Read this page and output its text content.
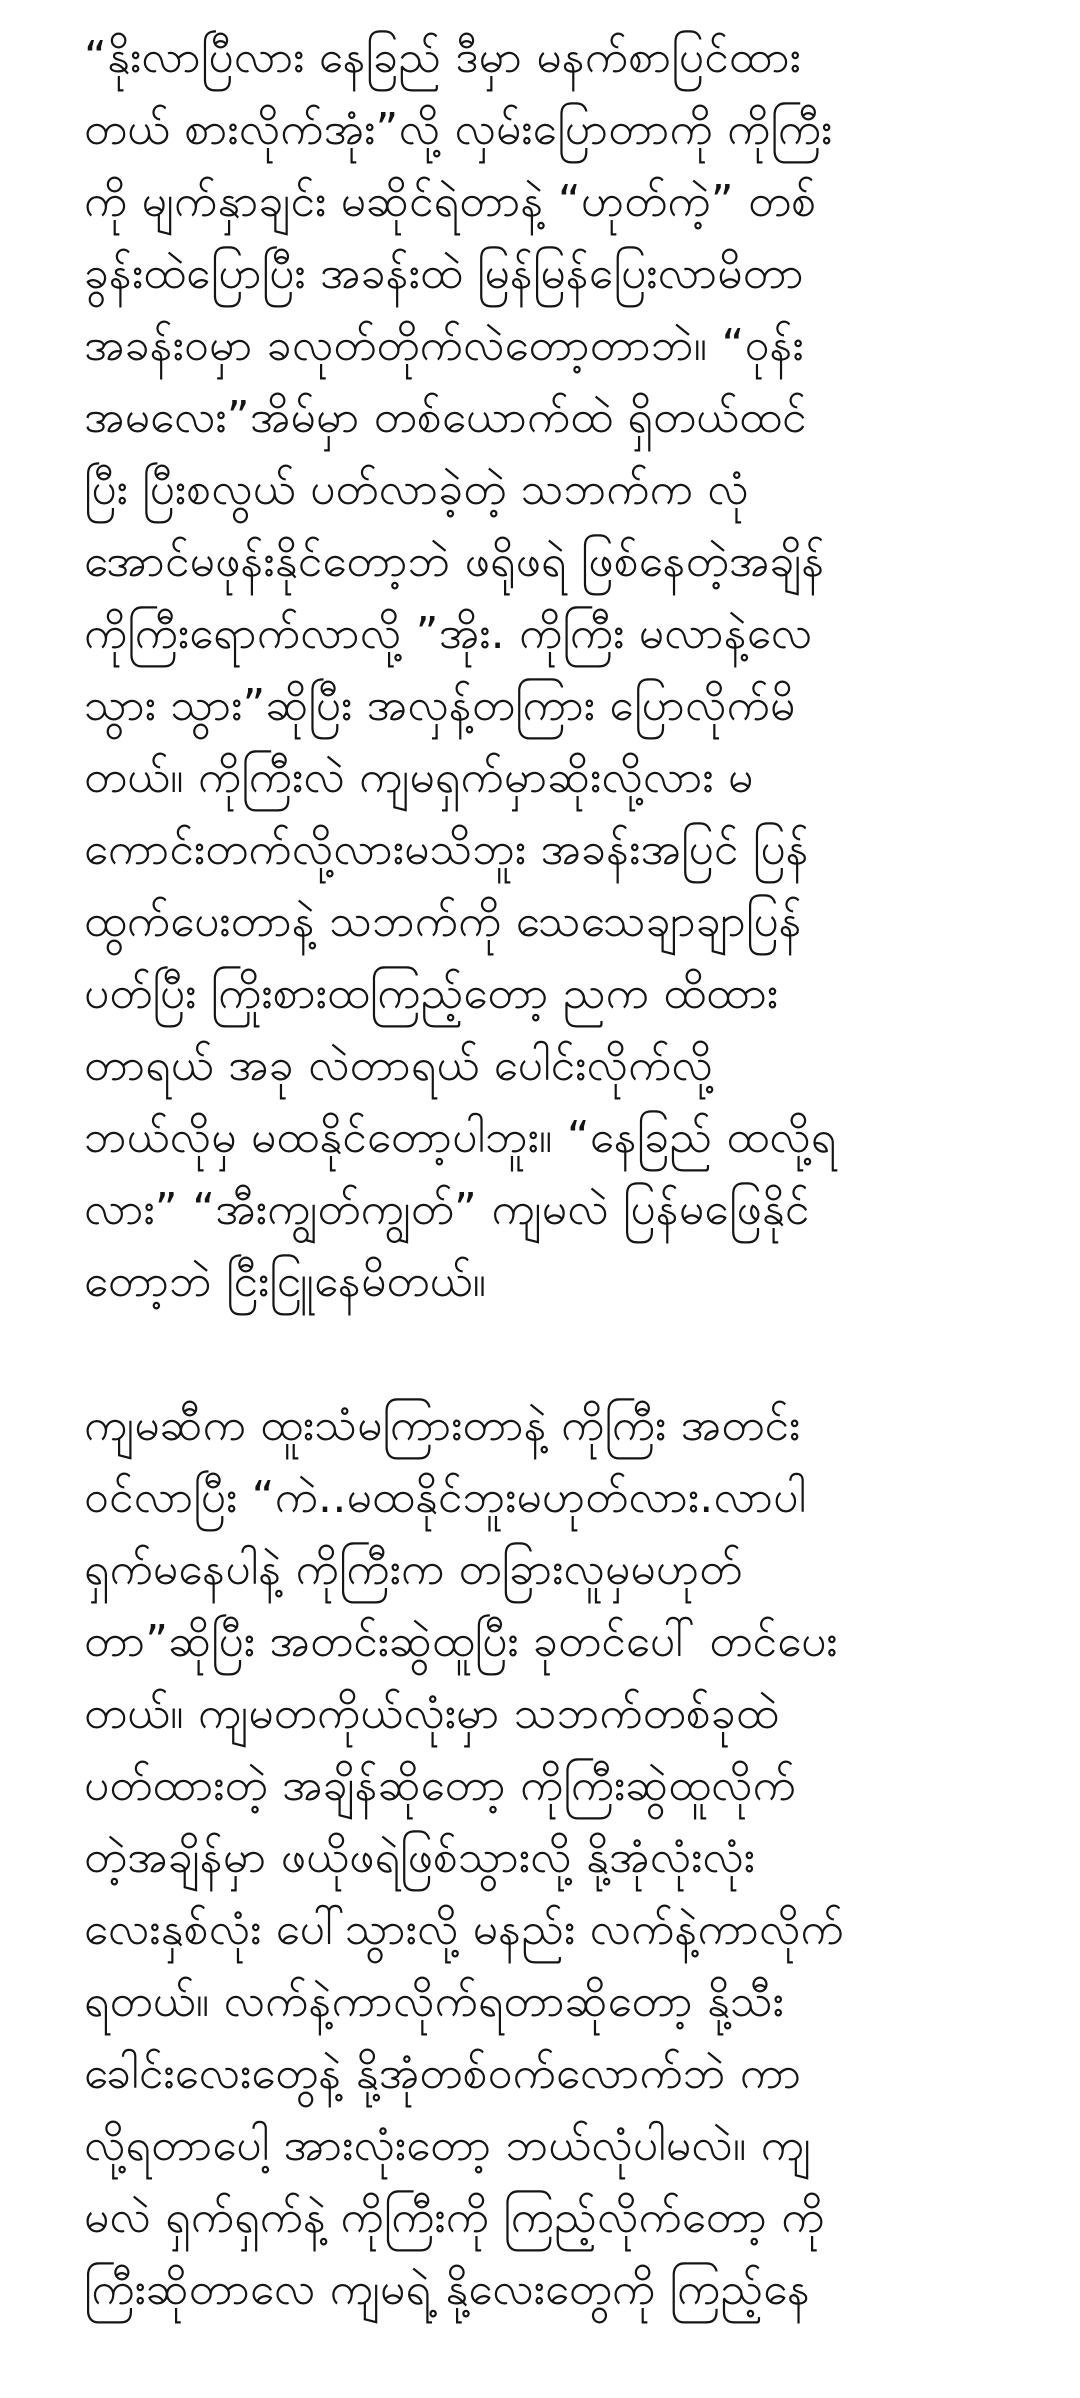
“နိုးလာပြီလား နေခြည် ဒီမှာ မနက်စာပြင်ထား
တယ် စားလိုက်အုံး”လို့ လှမ်းပြောတာကို ကိုကြီး
ကို မျက်နှာချင်း မဆိုင်ရဲတာနဲ့ “ဟုတ်ကဲ့” တစ်
ခွန်းထဲပြောပြီး အခန်းထဲ မြန်မြန်ပြေးလာမိတာ
အခန်းဝမှာ ခလုတ်တိုက်လဲတော့တာဘဲ။ “ဝုန်း
အမလေး”အိမ်မှာ တစ်ယောက်ထဲ ရှိတယ်ထင်
ပြီး ပြီးစလွယ် ပတ်လာခဲ့တဲ့ သဘက်က လုံ
အောင်မဖုန်းနိုင်တော့ဘဲ ဖရိုဖရဲ ဖြစ်နေတဲ့အချိန်
ကိုကြီးရောက်လာလို့ ”အိုး. ကိုကြီး မလာနဲ့လေ
သွား သွား”ဆိုပြီး အလှန့်တကြား ပြောလိုက်မိ
တယ်။ ကိုကြီးလဲ ကျမရှက်မှာဆိုးလို့လား မ
ကောင်းတက်လို့လားမသိဘူး အခန်းအပြင် ပြန်
ထွက်ပေးတာနဲ့ သဘက်ကို သေသေချာချာပြန်
ပတ်ပြီး ကြိုးစားထကြည့်တော့ ညက ထိထား
တာရယ် အခု လဲတာရယ် ပေါင်းလိုက်လို့
ဘယ်လိုမှ မထနိုင်တော့ပါဘူး။ “နေခြည် ထလို့ရ
လား” “အီးကျွတ်ကျွတ်” ကျမလဲ ပြန်မဖြေနိုင်
တော့ဘဲ ငြီးငြူနေမိတယ်။
ကျမဆီက ထူးသံမကြားတာနဲ့ ကိုကြီး အတင်း
ဝင်လာပြီး “ကဲ..မထနိုင်ဘူးမဟုတ်လား.လာပါ
ရှက်မနေပါနဲ့ ကိုကြီးက တခြားလူမှမဟုတ်
တာ”ဆိုပြီး အတင်းဆွဲထူပြီး ခုတင်ပေါ် တင်ပေး
တယ်။ ကျမတကိုယ်လုံးမှာ သဘက်တစ်ခုထဲ
ပတ်ထားတဲ့ အချိန်ဆိုတော့ ကိုကြီးဆွဲထူလိုက်
တဲ့အချိန်မှာ ဖယိုဖရဲဖြစ်သွားလို့ နို့အုံလုံးလုံး
လေးနှစ်လုံး ပေါ်သွားလို့ မနည်း လက်နဲ့ကာလိုက်
ရတယ်။ လက်နဲ့ကာလိုက်ရတာဆိုတော့ နို့သီး
ခေါင်းလေးတွေနဲ့ နို့အုံတစ်ဝက်လောက်ဘဲ ကာ
လို့ရတာပေါ့ အားလုံးတော့ ဘယ်လုံပါမလဲ။ ကျ
မလဲ ရှက်ရှက်နဲ့ ကိုကြီးကို ကြည့်လိုက်တော့ ကို
ကြီးဆိုတာလေ ကျမရဲ့ နို့လေးတွေကို ကြည့်နေ
